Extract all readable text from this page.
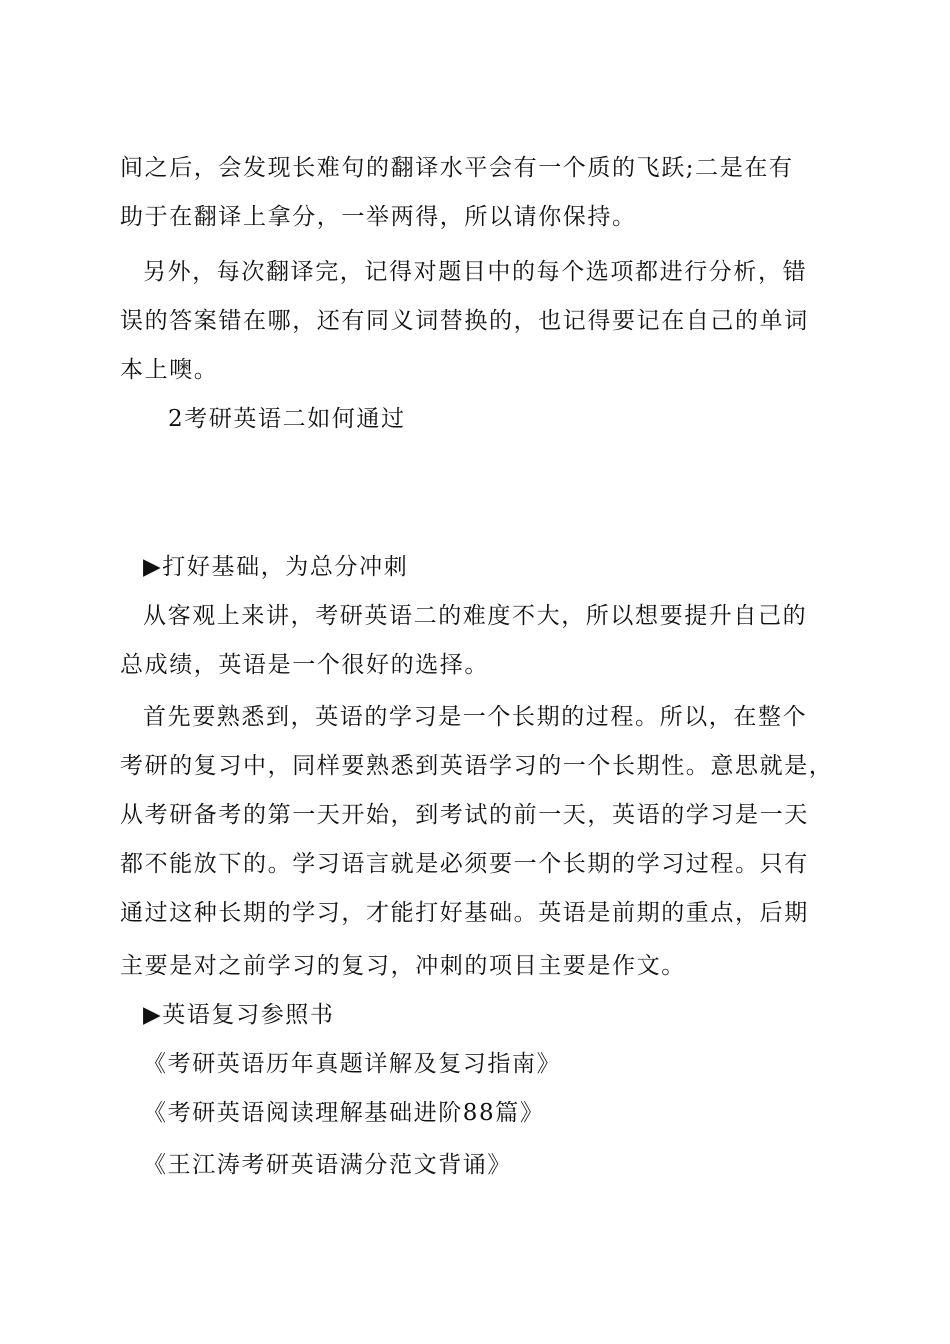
间之后，会发现长难句的翻译水平会有一个质的飞跃;二是在有
助于在翻译上拿分，一举两得，所以请你保持。
另外，每次翻译完，记得对题目中的每个选项都进行分析，错
误的答案错在哪，还有同义词替换的，也记得要记在自己的单词
本上噢。
2考研英语二如何通过
▶打好基础，为总分冲刺
从客观上来讲，考研英语二的难度不大，所以想要提升自己的
总成绩，英语是一个很好的选择。
首先要熟悉到，英语的学习是一个长期的过程。所以，在整个
考研的复习中，同样要熟悉到英语学习的一个长期性。意思就是，
从考研备考的第一天开始，到考试的前一天，英语的学习是一天
都不能放下的。学习语言就是必须要一个长期的学习过程。只有
通过这种长期的学习，才能打好基础。英语是前期的重点，后期
主要是对之前学习的复习，冲刺的项目主要是作文。
▶英语复习参照书
《考研英语历年真题详解及复习指南》
《考研英语阅读理解基础进阶88篇》
《王江涛考研英语满分范文背诵》
